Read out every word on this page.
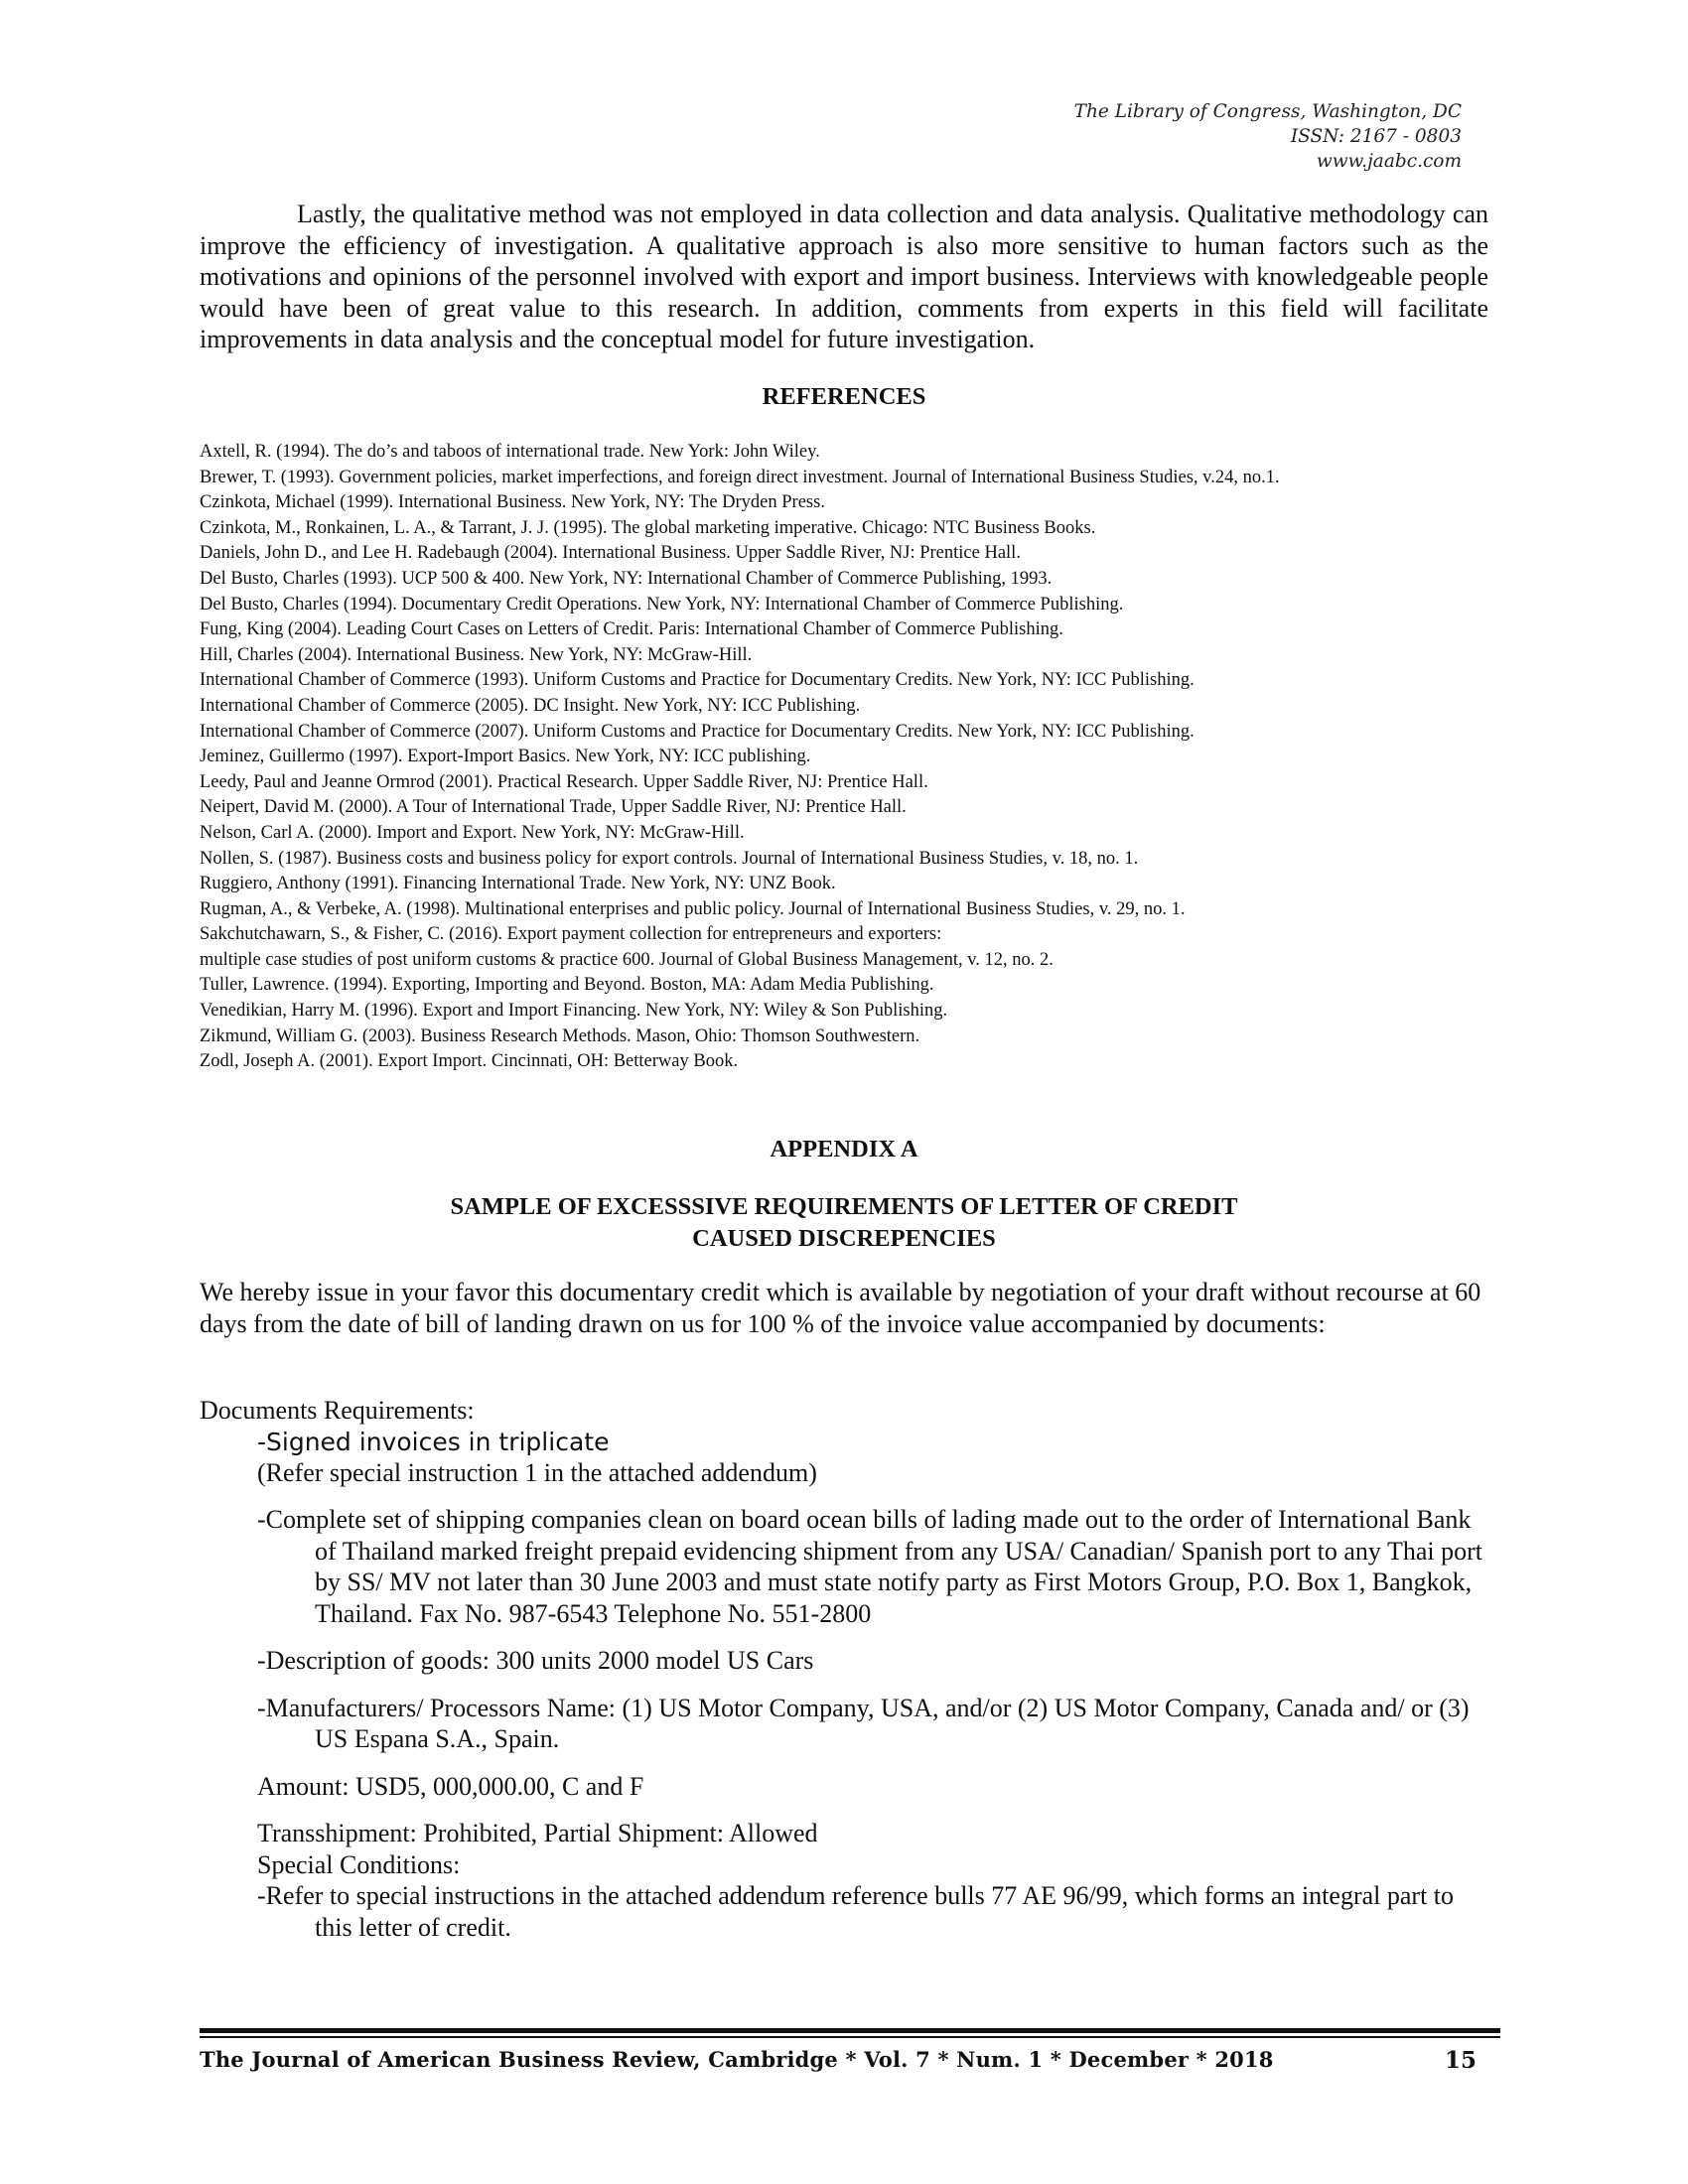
The Library of Congress, Washington, DC
ISSN: 2167 - 0803
www.jaabc.com

Lastly, the qualitative method was not employed in data collection and data analysis. Qualitative methodology can improve the efficiency of investigation. A qualitative approach is also more sensitive to human factors such as the motivations and opinions of the personnel involved with export and import business. Interviews with knowledgeable people would have been of great value to this research. In addition, comments from experts in this field will facilitate improvements in data analysis and the conceptual model for future investigation.

REFERENCES

Axtell, R. (1994). The do’s and taboos of international trade. New York: John Wiley.

Brewer, T. (1993). Government policies, market imperfections, and foreign direct investment. Journal of International Business Studies, v.24, no.1.

Czinkota, Michael (1999). International Business. New York, NY: The Dryden Press.

Czinkota, M., Ronkainen, L. A., & Tarrant, J. J. (1995). The global marketing imperative. Chicago: NTC Business Books.

Daniels, John D., and Lee H. Radebaugh (2004). International Business. Upper Saddle River, NJ: Prentice Hall.

Del Busto, Charles (1993). UCP 500 & 400. New York, NY: International Chamber of Commerce Publishing, 1993.

Del Busto, Charles (1994). Documentary Credit Operations. New York, NY: International Chamber of Commerce Publishing.

Fung, King (2004). Leading Court Cases on Letters of Credit. Paris: International Chamber of Commerce Publishing.

Hill, Charles (2004). International Business. New York, NY: McGraw-Hill.

International Chamber of Commerce (1993). Uniform Customs and Practice for Documentary Credits. New York, NY: ICC Publishing.

International Chamber of Commerce (2005). DC Insight. New York, NY: ICC Publishing.

International Chamber of Commerce (2007). Uniform Customs and Practice for Documentary Credits. New York, NY: ICC Publishing.

Jeminez, Guillermo (1997). Export-Import Basics. New York, NY: ICC publishing.

Leedy, Paul and Jeanne Ormrod (2001). Practical Research. Upper Saddle River, NJ: Prentice Hall.

Neipert, David M. (2000). A Tour of International Trade, Upper Saddle River, NJ: Prentice Hall.

Nelson, Carl A. (2000). Import and Export. New York, NY: McGraw-Hill.

Nollen, S. (1987). Business costs and business policy for export controls. Journal of International Business Studies, v. 18, no. 1.

Ruggiero, Anthony (1991). Financing International Trade. New York, NY: UNZ Book.

Rugman, A., & Verbeke, A. (1998). Multinational enterprises and public policy. Journal of International Business Studies, v. 29, no. 1.

Sakchutchawarn, S., & Fisher, C. (2016). Export payment collection for entrepreneurs and exporters:

multiple case studies of post uniform customs & practice 600. Journal of Global Business Management, v. 12, no. 2.

Tuller, Lawrence. (1994). Exporting, Importing and Beyond. Boston, MA: Adam Media Publishing.

Venedikian, Harry M. (1996). Export and Import Financing. New York, NY: Wiley & Son Publishing.

Zikmund, William G. (2003). Business Research Methods. Mason, Ohio: Thomson Southwestern.

Zodl, Joseph A. (2001). Export Import. Cincinnati, OH: Betterway Book.

APPENDIX A
SAMPLE OF EXCESSSIVE REQUIREMENTS OF LETTER OF CREDIT
CAUSED DISCREPENCIES

We hereby issue in your favor this documentary credit which is available by negotiation of your draft without recourse at 60 days from the date of bill of landing drawn on us for 100 % of the invoice value accompanied by documents:

Documents Requirements:

-Signed invoices in triplicate

(Refer special instruction 1 in the attached addendum)

-Complete set of shipping companies clean on board ocean bills of lading made out to the order of International Bank of Thailand marked freight prepaid evidencing shipment from any USA/ Canadian/ Spanish port to any Thai port by SS/ MV not later than 30 June 2003 and must state notify party as First Motors Group, P.O. Box 1, Bangkok, Thailand. Fax No. 987-6543 Telephone No. 551-2800

-Description of goods: 300 units 2000 model US Cars

-Manufacturers/ Processors Name: (1) US Motor Company, USA, and/or (2) US Motor Company, Canada and/ or (3) US Espana S.A., Spain.

Amount: USD5, 000,000.00, C and F

Transshipment: Prohibited, Partial Shipment: Allowed

Special Conditions:

-Refer to special instructions in the attached addendum reference bulls 77 AE 96/99, which forms an integral part to this letter of credit.

The Journal of American Business Review, Cambridge * Vol. 7 * Num. 1 * December * 2018	15
